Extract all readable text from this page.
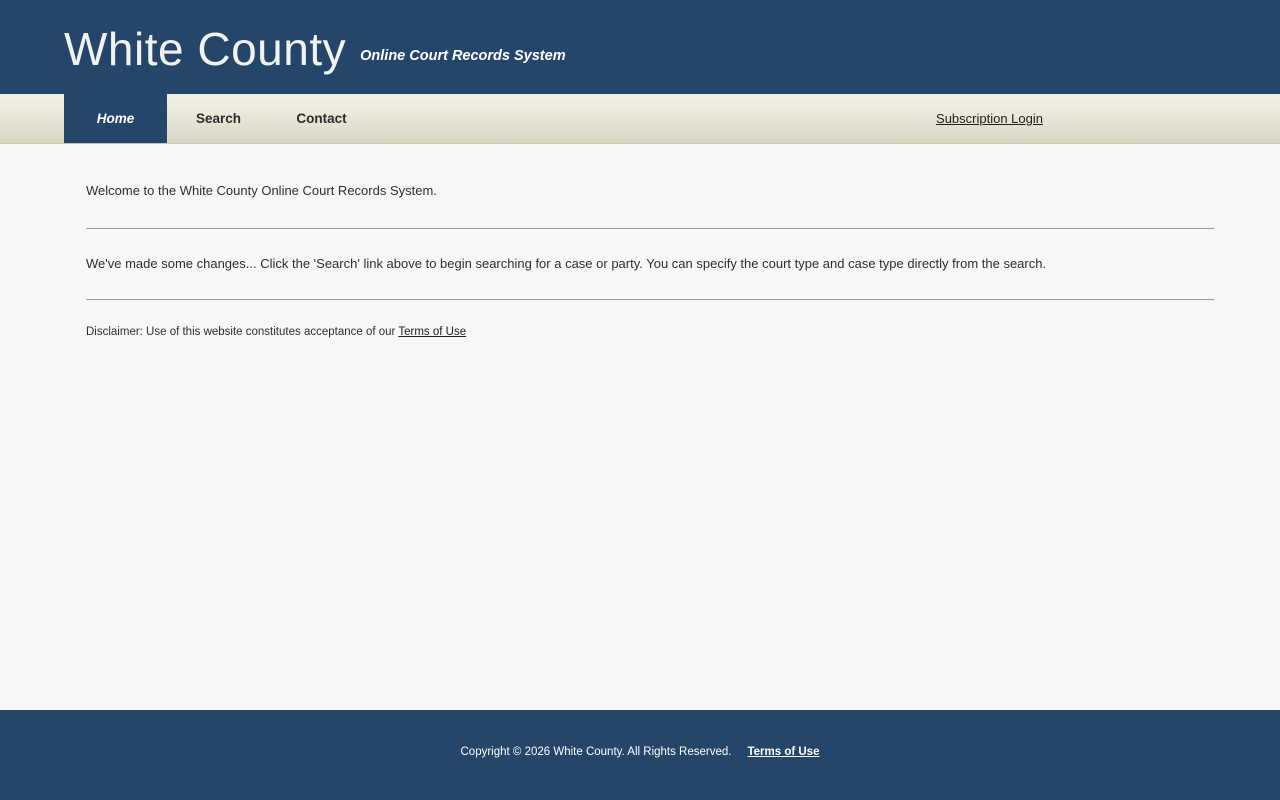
White County Online Court Records System
Home	Search	Contact	Subscription Login

Welcome to the White County Online Court Records System.

We've made some changes... Click the 'Search' link above to begin searching for a case or party. You can specify the court type and case type directly from the search.

Disclaimer: Use of this website constitutes acceptance of our Terms of Use

Copyright © 2026 White County. All Rights Reserved. Terms of Use
